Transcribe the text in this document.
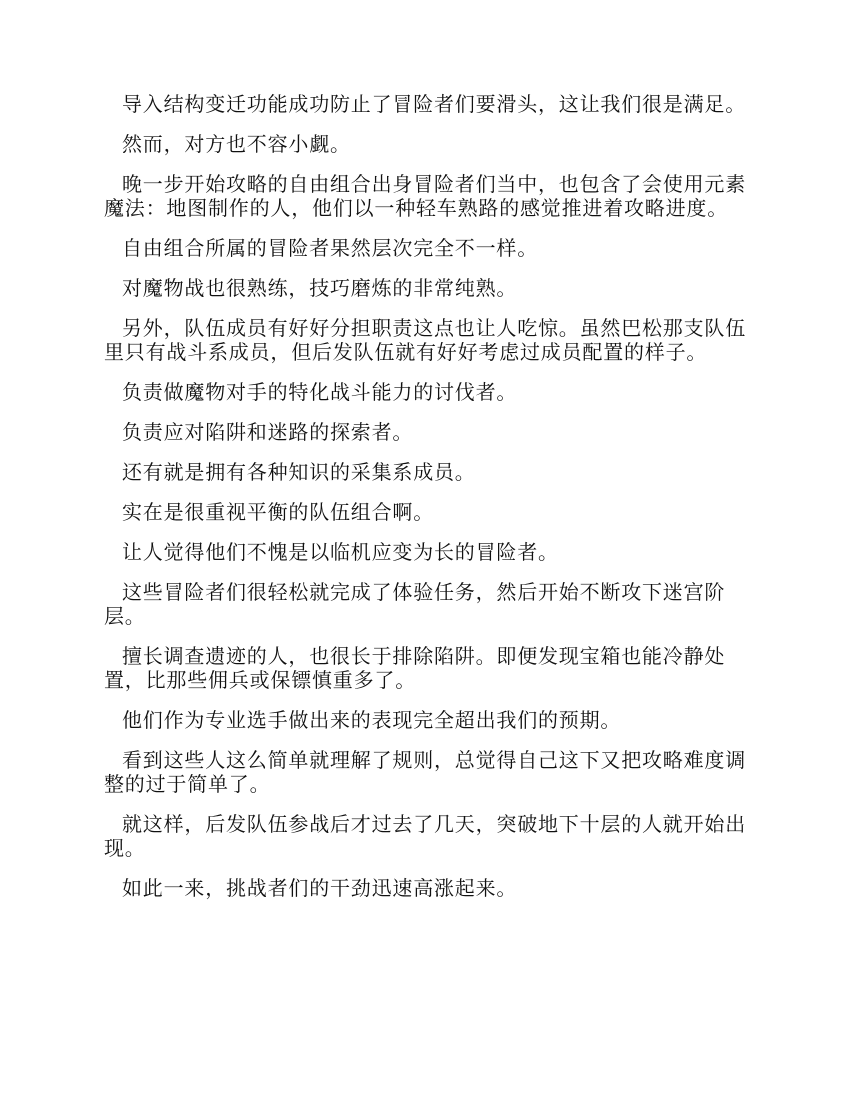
导入结构变迁功能成功防止了冒险者们要滑头，这让我们很是满足。

然而，对方也不容小觑。

晚一步开始攻略的自由组合出身冒险者们当中，也包含了会使用元素魔法：地图制作的人，他们以一种轻车熟路的感觉推进着攻略进度。

自由组合所属的冒险者果然层次完全不一样。

对魔物战也很熟练，技巧磨炼的非常纯熟。

另外，队伍成员有好好分担职责这点也让人吃惊。虽然巴松那支队伍里只有战斗系成员，但后发队伍就有好好考虑过成员配置的样子。

负责做魔物对手的特化战斗能力的讨伐者。

负责应对陷阱和迷路的探索者。

还有就是拥有各种知识的采集系成员。

实在是很重视平衡的队伍组合啊。

让人觉得他们不愧是以临机应变为长的冒险者。

这些冒险者们很轻松就完成了体验任务，然后开始不断攻下迷宫阶层。

擅长调查遗迹的人，也很长于排除陷阱。即便发现宝箱也能冷静处置，比那些佣兵或保镖慎重多了。

他们作为专业选手做出来的表现完全超出我们的预期。

看到这些人这么简单就理解了规则，总觉得自己这下又把攻略难度调整的过于简单了。

就这样，后发队伍参战后才过去了几天，突破地下十层的人就开始出现。

如此一来，挑战者们的干劲迅速高涨起来。
